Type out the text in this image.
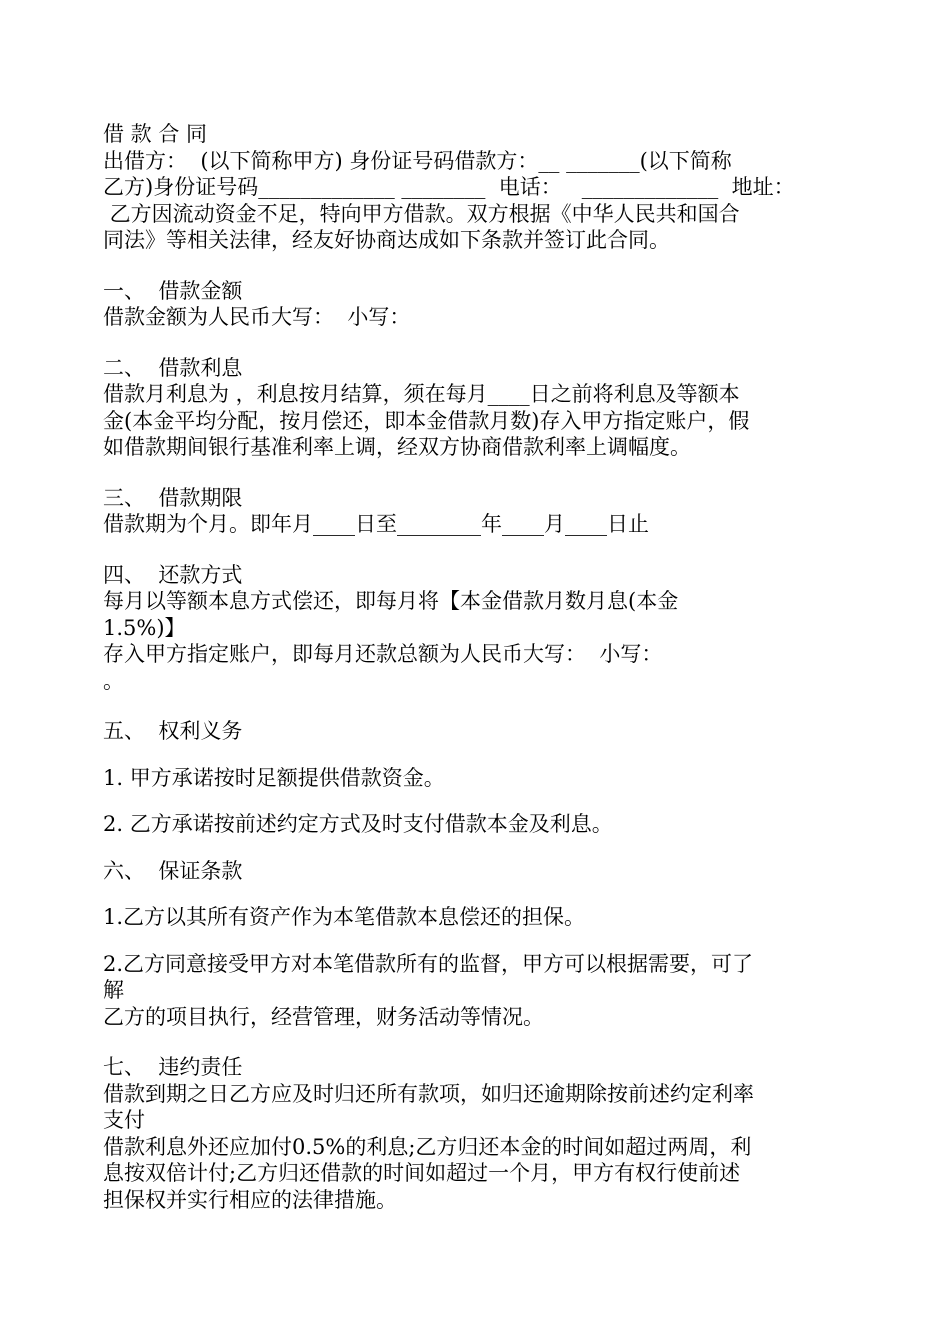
借 款 合 同
出借方：  (以下简称甲方) 身份证号码借款方：__ _______(以下简称
乙方)身份证号码_____________ ________  电话：   _____________  地址：
乙方因流动资金不足，特向甲方借款。双方根据《中华人民共和国合
同法》等相关法律，经友好协商达成如下条款并签订此合同。
一、  借款金额
借款金额为人民币大写：  小写：
二、  借款利息
借款月利息为 ，利息按月结算，须在每月____日之前将利息及等额本
金(本金平均分配，按月偿还，即本金借款月数)存入甲方指定账户，假
如借款期间银行基准利率上调，经双方协商借款利率上调幅度。
三、  借款期限
借款期为个月。即年月____日至________年____月____日止
四、  还款方式
每月以等额本息方式偿还，即每月将【本金借款月数月息(本金
1.5%)】
存入甲方指定账户，即每月还款总额为人民币大写：  小写：
。
五、  权利义务
1. 甲方承诺按时足额提供借款资金。
2. 乙方承诺按前述约定方式及时支付借款本金及利息。
六、  保证条款
1.乙方以其所有资产作为本笔借款本息偿还的担保。
2.乙方同意接受甲方对本笔借款所有的监督，甲方可以根据需要，可了
解
乙方的项目执行，经营管理，财务活动等情况。
七、  违约责任
借款到期之日乙方应及时归还所有款项，如归还逾期除按前述约定利率
支付
借款利息外还应加付0.5%的利息;乙方归还本金的时间如超过两周，利
息按双倍计付;乙方归还借款的时间如超过一个月，甲方有权行使前述
担保权并实行相应的法律措施。
